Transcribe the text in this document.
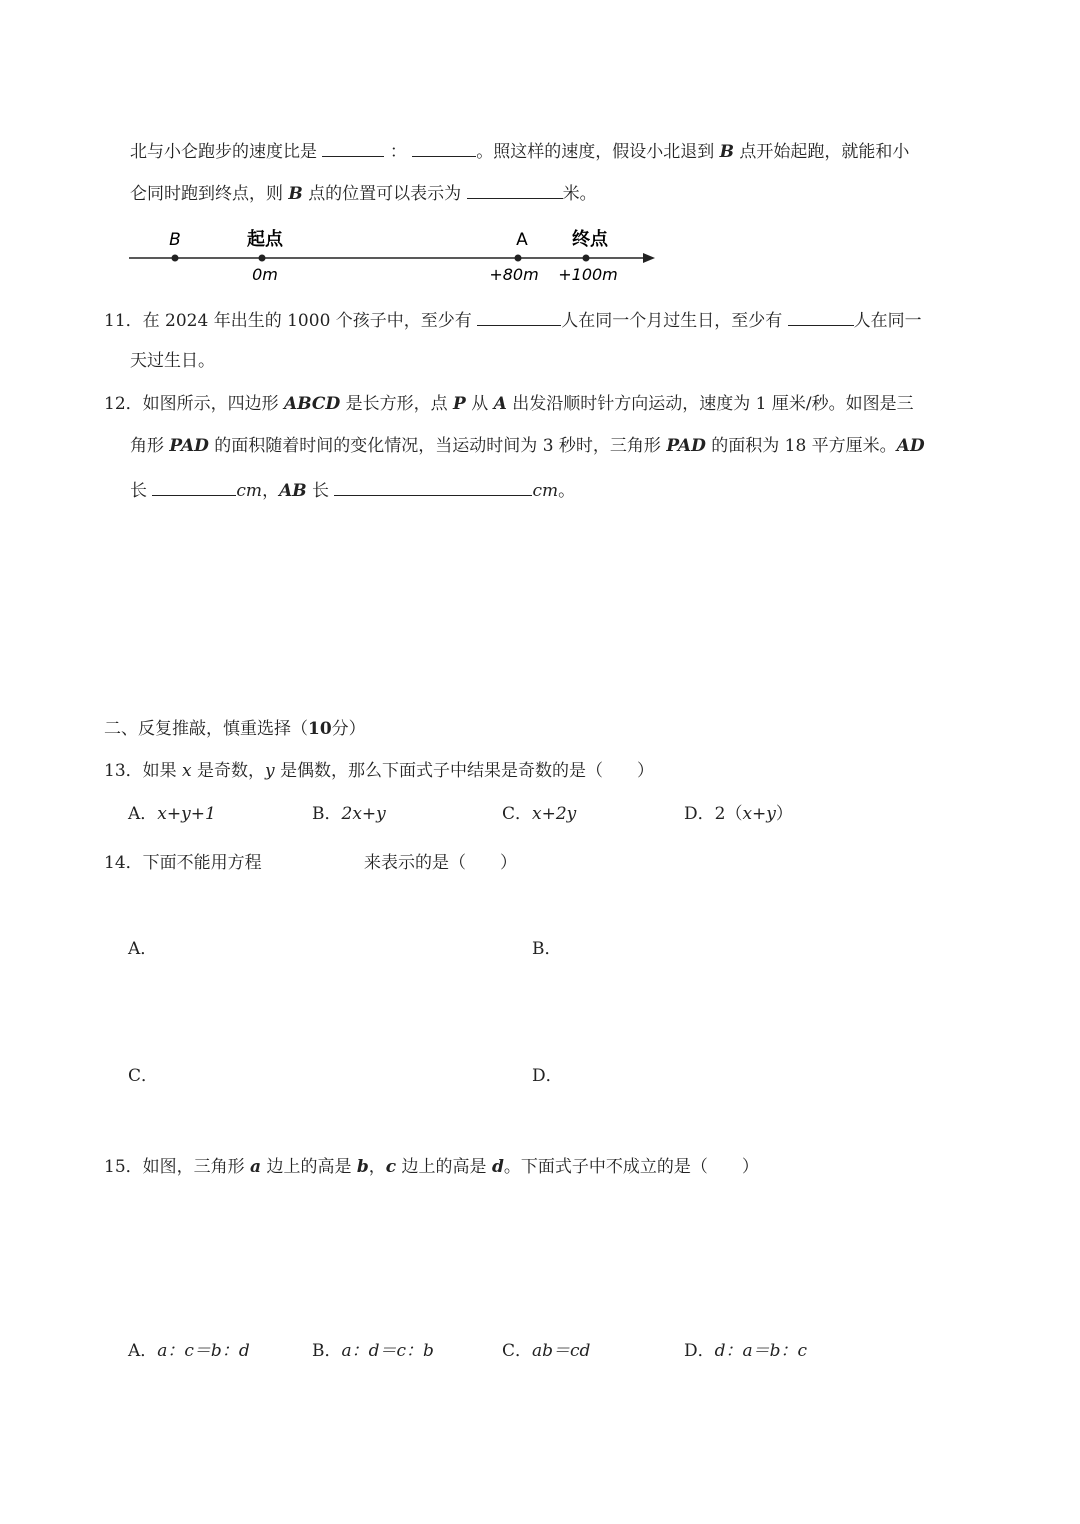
北与小仑跑步的速度比是	：	。照这样的速度，假设小北退到 B 点开始起跑，就能和小
仑同时跑到终点，则 B 点的位置可以表示为	米。
B	起点	A 终点
0m	+80m +100m
11．在 2024 年出生的 1000 个孩子中，至少有	人在同一个月过生日，至少有	人在同一
天过生日。
12．如图所示，四边形 ABCD 是长方形，点 P 从 A 出发沿顺时针方向运动，速度为 1 厘米/秒。如图是三
角形 PAD 的面积随着时间的变化情况，当运动时间为 3 秒时，三角形 PAD 的面积为 18 平方厘米。AD
长	cm，AB 长	cm。
二、反复推敲，慎重选择（10分）
13．如果 x 是奇数，y 是偶数，那么下面式子中结果是奇数的是（　　）
A．x+y+1	B．2x+y	C．x+2y	D．2（x+y）
14．下面不能用方程	来表示的是（　　）
A．	B．
C．	D．
15．如图，三角形 a 边上的高是 b，c 边上的高是 d。下面式子中不成立的是（　　）
A．a：c＝b：d	B．a：d＝c：b	C．ab＝cd	D．d：a＝b：c
